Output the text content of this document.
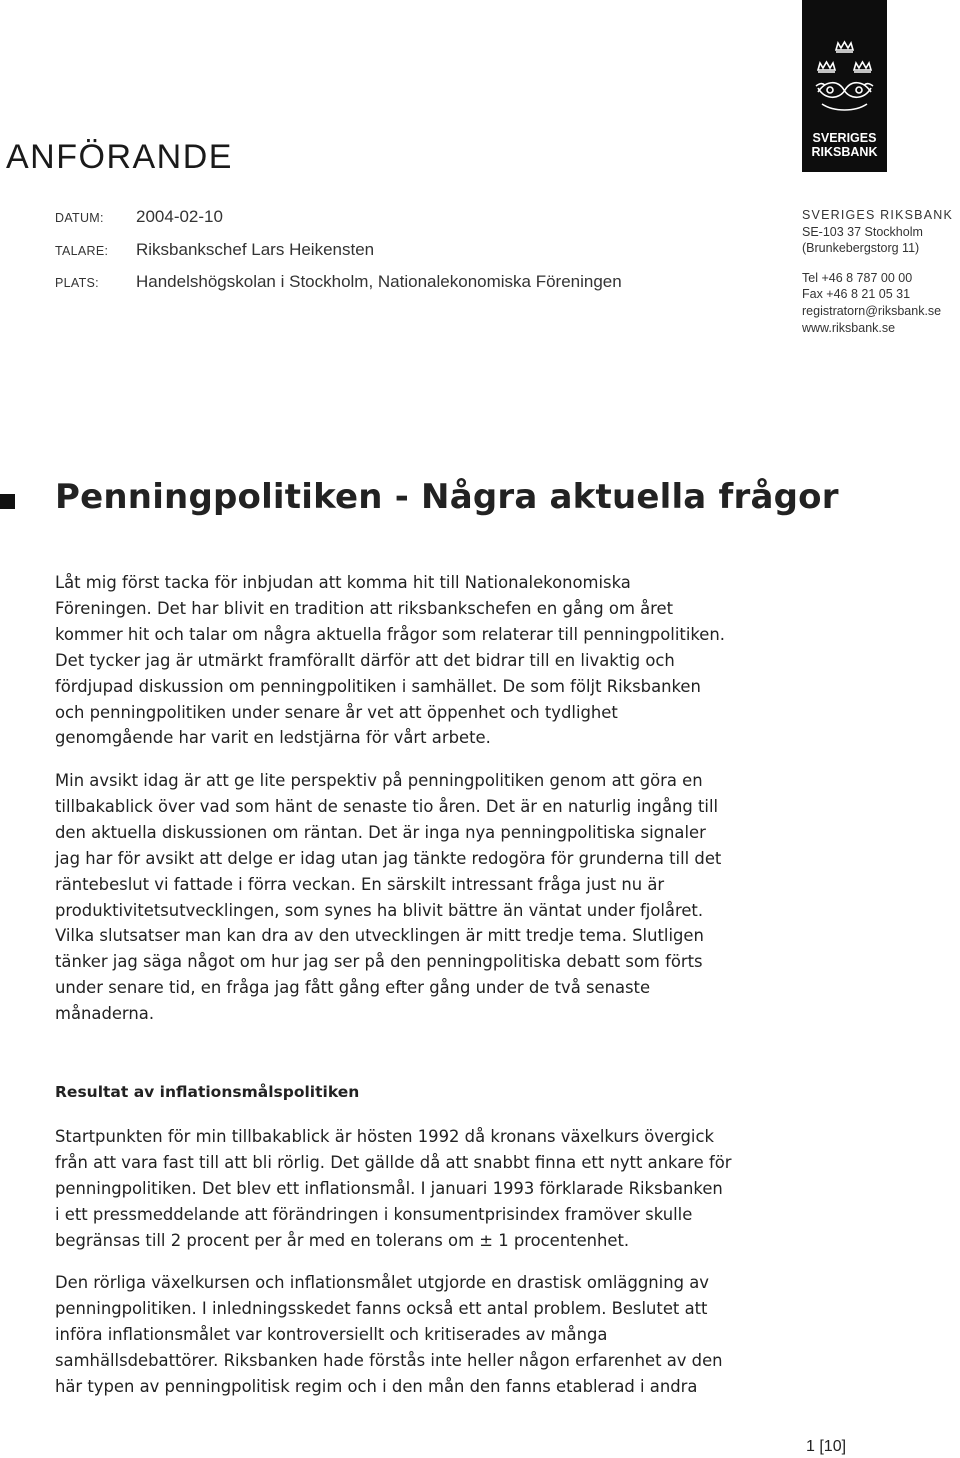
SVERIGES
RIKSBANK
ANFÖRANDE
DATUM: 2004-02-10
TALARE: Riksbankschef Lars Heikensten
PLATS: Handelshögskolan i Stockholm, Nationalekonomiska Föreningen
SVERIGES RIKSBANK
SE-103 37 Stockholm
(Brunkebergstorg 11)
Tel +46 8 787 00 00
Fax +46 8 21 05 31
registratorn@riksbank.se
www.riksbank.se
Penningpolitiken - Några aktuella frågor
Låt mig först tacka för inbjudan att komma hit till Nationalekonomiska
Föreningen. Det har blivit en tradition att riksbankschefen en gång om året
kommer hit och talar om några aktuella frågor som relaterar till penningpolitiken.
Det tycker jag är utmärkt framförallt därför att det bidrar till en livaktig och
fördjupad diskussion om penningpolitiken i samhället. De som följt Riksbanken
och penningpolitiken under senare år vet att öppenhet och tydlighet
genomgående har varit en ledstjärna för vårt arbete.
Min avsikt idag är att ge lite perspektiv på penningpolitiken genom att göra en
tillbakablick över vad som hänt de senaste tio åren. Det är en naturlig ingång till
den aktuella diskussionen om räntan. Det är inga nya penningpolitiska signaler
jag har för avsikt att delge er idag utan jag tänkte redogöra för grunderna till det
räntebeslut vi fattade i förra veckan. En särskilt intressant fråga just nu är
produktivitetsutvecklingen, som synes ha blivit bättre än väntat under fjolåret.
Vilka slutsatser man kan dra av den utvecklingen är mitt tredje tema. Slutligen
tänker jag säga något om hur jag ser på den penningpolitiska debatt som förts
under senare tid, en fråga jag fått gång efter gång under de två senaste
månaderna.
Resultat av inflationsmålspolitiken
Startpunkten för min tillbakablick är hösten 1992 då kronans växelkurs övergick
från att vara fast till att bli rörlig. Det gällde då att snabbt finna ett nytt ankare för
penningpolitiken. Det blev ett inflationsmål. I januari 1993 förklarade Riksbanken
i ett pressmeddelande att förändringen i konsumentprisindex framöver skulle
begränsas till 2 procent per år med en tolerans om ± 1 procentenhet.
Den rörliga växelkursen och inflationsmålet utgjorde en drastisk omläggning av
penningpolitiken. I inledningsskedet fanns också ett antal problem. Beslutet att
införa inflationsmålet var kontroversiellt och kritiserades av många
samhällsdebattörer. Riksbanken hade förstås inte heller någon erfarenhet av den
här typen av penningpolitisk regim och i den mån den fanns etablerad i andra
1 [10]
